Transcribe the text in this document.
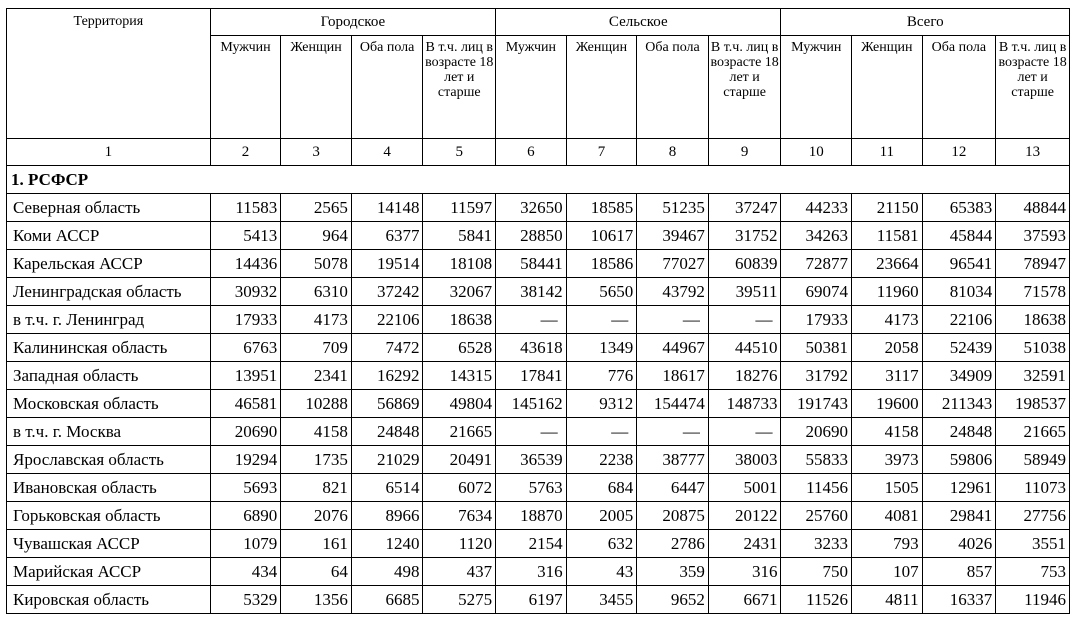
Территория	Городское				Сельское				Всего			
	Мужчин	Женщин	Оба пола	В т.ч. лиц в возрасте 18 лет и старше	Мужчин	Женщин	Оба пола	В т.ч. лиц в возрасте 18 лет и старше	Мужчин	Женщин	Оба пола	В т.ч. лиц в возрасте 18 лет и старше
1	2	3	4	5	6	7	8	9	10	11	12	13
1. РСФСР												
Северная область	11583	2565	14148	11597	32650	18585	51235	37247	44233	21150	65383	48844
Коми АССР	5413	964	6377	5841	28850	10617	39467	31752	34263	11581	45844	37593
Карельская АССР	14436	5078	19514	18108	58441	18586	77027	60839	72877	23664	96541	78947
Ленинградская область	30932	6310	37242	32067	38142	5650	43792	39511	69074	11960	81034	71578
в т.ч. г. Ленинград	17933	4173	22106	18638	—	—	—	—	17933	4173	22106	18638
Калининская область	6763	709	7472	6528	43618	1349	44967	44510	50381	2058	52439	51038
Западная область	13951	2341	16292	14315	17841	776	18617	18276	31792	3117	34909	32591
Московская область	46581	10288	56869	49804	145162	9312	154474	148733	191743	19600	211343	198537
в т.ч. г. Москва	20690	4158	24848	21665	—	—	—	—	20690	4158	24848	21665
Ярославская область	19294	1735	21029	20491	36539	2238	38777	38003	55833	3973	59806	58949
Ивановская область	5693	821	6514	6072	5763	684	6447	5001	11456	1505	12961	11073
Горьковская область	6890	2076	8966	7634	18870	2005	20875	20122	25760	4081	29841	27756
Чувашская АССР	1079	161	1240	1120	2154	632	2786	2431	3233	793	4026	3551
Марийская АССР	434	64	498	437	316	43	359	316	750	107	857	753
Кировская область	5329	1356	6685	5275	6197	3455	9652	6671	11526	4811	16337	11946
